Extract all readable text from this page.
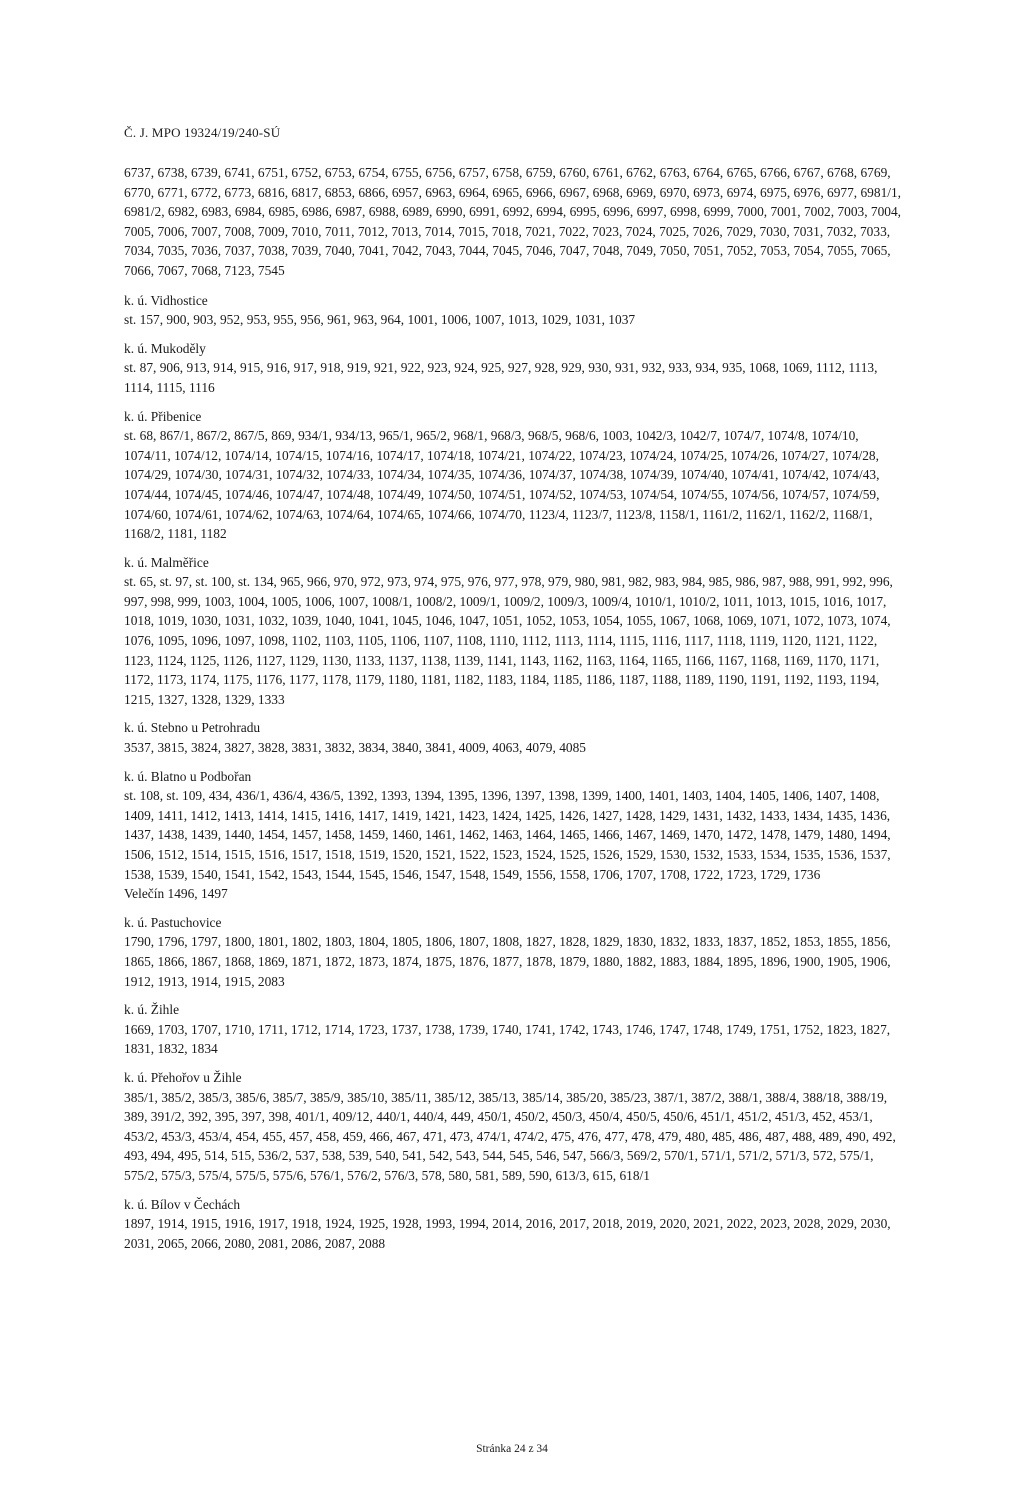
Č. J. MPO 19324/19/240-SÚ

6737, 6738, 6739, 6741, 6751, 6752, 6753, 6754, 6755, 6756, 6757, 6758, 6759, 6760, 6761, 6762, 6763, 6764, 6765, 6766, 6767, 6768, 6769, 6770, 6771, 6772, 6773, 6816, 6817, 6853, 6866, 6957, 6963, 6964, 6965, 6966, 6967, 6968, 6969, 6970, 6973, 6974, 6975, 6976, 6977, 6981/1, 6981/2, 6982, 6983, 6984, 6985, 6986, 6987, 6988, 6989, 6990, 6991, 6992, 6994, 6995, 6996, 6997, 6998, 6999, 7000, 7001, 7002, 7003, 7004, 7005, 7006, 7007, 7008, 7009, 7010, 7011, 7012, 7013, 7014, 7015, 7018, 7021, 7022, 7023, 7024, 7025, 7026, 7029, 7030, 7031, 7032, 7033, 7034, 7035, 7036, 7037, 7038, 7039, 7040, 7041, 7042, 7043, 7044, 7045, 7046, 7047, 7048, 7049, 7050, 7051, 7052, 7053, 7054, 7055, 7065, 7066, 7067, 7068, 7123, 7545

k. ú. Vidhostice
st. 157, 900, 903, 952, 953, 955, 956, 961, 963, 964, 1001, 1006, 1007, 1013, 1029, 1031, 1037
k. ú. Mukoděly
st. 87, 906, 913, 914, 915, 916, 917, 918, 919, 921, 922, 923, 924, 925, 927, 928, 929, 930, 931, 932, 933, 934, 935, 1068, 1069, 1112, 1113, 1114, 1115, 1116
k. ú. Přibenice
st. 68, 867/1, 867/2, 867/5, 869, 934/1, 934/13, 965/1, 965/2, 968/1, 968/3, 968/5, 968/6, 1003, 1042/3, 1042/7, 1074/7, 1074/8, 1074/10, 1074/11, 1074/12, 1074/14, 1074/15, 1074/16, 1074/17, 1074/18, 1074/21, 1074/22, 1074/23, 1074/24, 1074/25, 1074/26, 1074/27, 1074/28, 1074/29, 1074/30, 1074/31, 1074/32, 1074/33, 1074/34, 1074/35, 1074/36, 1074/37, 1074/38, 1074/39, 1074/40, 1074/41, 1074/42, 1074/43, 1074/44, 1074/45, 1074/46, 1074/47, 1074/48, 1074/49, 1074/50, 1074/51, 1074/52, 1074/53, 1074/54, 1074/55, 1074/56, 1074/57, 1074/59, 1074/60, 1074/61, 1074/62, 1074/63, 1074/64, 1074/65, 1074/66, 1074/70, 1123/4, 1123/7, 1123/8, 1158/1, 1161/2, 1162/1, 1162/2, 1168/1, 1168/2, 1181, 1182
k. ú. Malměřice
st. 65, st. 97, st. 100, st. 134, 965, 966, 970, 972, 973, 974, 975, 976, 977, 978, 979, 980, 981, 982, 983, 984, 985, 986, 987, 988, 991, 992, 996, 997, 998, 999, 1003, 1004, 1005, 1006, 1007, 1008/1, 1008/2, 1009/1, 1009/2, 1009/3, 1009/4, 1010/1, 1010/2, 1011, 1013, 1015, 1016, 1017, 1018, 1019, 1030, 1031, 1032, 1039, 1040, 1041, 1045, 1046, 1047, 1051, 1052, 1053, 1054, 1055, 1067, 1068, 1069, 1071, 1072, 1073, 1074, 1076, 1095, 1096, 1097, 1098, 1102, 1103, 1105, 1106, 1107, 1108, 1110, 1112, 1113, 1114, 1115, 1116, 1117, 1118, 1119, 1120, 1121, 1122, 1123, 1124, 1125, 1126, 1127, 1129, 1130, 1133, 1137, 1138, 1139, 1141, 1143, 1162, 1163, 1164, 1165, 1166, 1167, 1168, 1169, 1170, 1171, 1172, 1173, 1174, 1175, 1176, 1177, 1178, 1179, 1180, 1181, 1182, 1183, 1184, 1185, 1186, 1187, 1188, 1189, 1190, 1191, 1192, 1193, 1194, 1215, 1327, 1328, 1329, 1333
k. ú. Stebno u Petrohradu
3537, 3815, 3824, 3827, 3828, 3831, 3832, 3834, 3840, 3841, 4009, 4063, 4079, 4085
k. ú. Blatno u Podbořan
st. 108, st. 109, 434, 436/1, 436/4, 436/5, 1392, 1393, 1394, 1395, 1396, 1397, 1398, 1399, 1400, 1401, 1403, 1404, 1405, 1406, 1407, 1408, 1409, 1411, 1412, 1413, 1414, 1415, 1416, 1417, 1419, 1421, 1423, 1424, 1425, 1426, 1427, 1428, 1429, 1431, 1432, 1433, 1434, 1435, 1436, 1437, 1438, 1439, 1440, 1454, 1457, 1458, 1459, 1460, 1461, 1462, 1463, 1464, 1465, 1466, 1467, 1469, 1470, 1472, 1478, 1479, 1480, 1494, 1506, 1512, 1514, 1515, 1516, 1517, 1518, 1519, 1520, 1521, 1522, 1523, 1524, 1525, 1526, 1529, 1530, 1532, 1533, 1534, 1535, 1536, 1537, 1538, 1539, 1540, 1541, 1542, 1543, 1544, 1545, 1546, 1547, 1548, 1549, 1556, 1558, 1706, 1707, 1708, 1722, 1723, 1729, 1736
Velečín 1496, 1497
k. ú. Pastuchovice
1790, 1796, 1797, 1800, 1801, 1802, 1803, 1804, 1805, 1806, 1807, 1808, 1827, 1828, 1829, 1830, 1832, 1833, 1837, 1852, 1853, 1855, 1856, 1865, 1866, 1867, 1868, 1869, 1871, 1872, 1873, 1874, 1875, 1876, 1877, 1878, 1879, 1880, 1882, 1883, 1884, 1895, 1896, 1900, 1905, 1906, 1912, 1913, 1914, 1915, 2083
k. ú. Žihle
1669, 1703, 1707, 1710, 1711, 1712, 1714, 1723, 1737, 1738, 1739, 1740, 1741, 1742, 1743, 1746, 1747, 1748, 1749, 1751, 1752, 1823, 1827, 1831, 1832, 1834
k. ú. Přehořov u Žihle
385/1, 385/2, 385/3, 385/6, 385/7, 385/9, 385/10, 385/11, 385/12, 385/13, 385/14, 385/20, 385/23, 387/1, 387/2, 388/1, 388/4, 388/18, 388/19, 389, 391/2, 392, 395, 397, 398, 401/1, 409/12, 440/1, 440/4, 449, 450/1, 450/2, 450/3, 450/4, 450/5, 450/6, 451/1, 451/2, 451/3, 452, 453/1, 453/2, 453/3, 453/4, 454, 455, 457, 458, 459, 466, 467, 471, 473, 474/1, 474/2, 475, 476, 477, 478, 479, 480, 485, 486, 487, 488, 489, 490, 492, 493, 494, 495, 514, 515, 536/2, 537, 538, 539, 540, 541, 542, 543, 544, 545, 546, 547, 566/3, 569/2, 570/1, 571/1, 571/2, 571/3, 572, 575/1, 575/2, 575/3, 575/4, 575/5, 575/6, 576/1, 576/2, 576/3, 578, 580, 581, 589, 590, 613/3, 615, 618/1
k. ú. Bílov v Čechách
1897, 1914, 1915, 1916, 1917, 1918, 1924, 1925, 1928, 1993, 1994, 2014, 2016, 2017, 2018, 2019, 2020, 2021, 2022, 2023, 2028, 2029, 2030, 2031, 2065, 2066, 2080, 2081, 2086, 2087, 2088
Stránka 24 z 34
